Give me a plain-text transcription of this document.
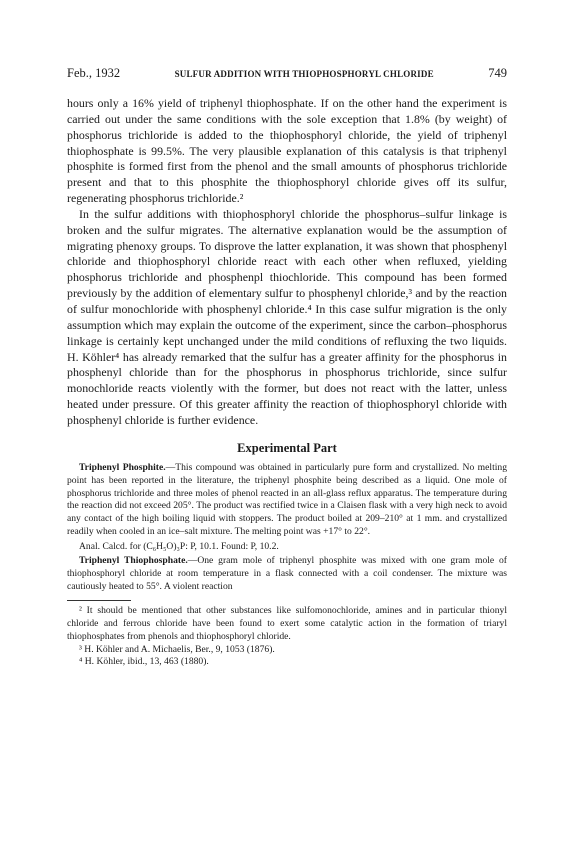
Feb., 1932	SULFUR ADDITION WITH THIOPHOSPHORYL CHLORIDE	749

hours only a 16% yield of triphenyl thiophosphate. If on the other hand the experiment is carried out under the same conditions with the sole exception that 1.8% (by weight) of phosphorus trichloride is added to the thiophosphoryl chloride, the yield of triphenyl thiophosphate is 99.5%. The very plausible explanation of this catalysis is that triphenyl phosphite is formed first from the phenol and the small amounts of phosphorus trichloride present and that to this phosphite the thiophosphoryl chloride gives off its sulfur, regenerating phosphorus trichloride.²

In the sulfur additions with thiophosphoryl chloride the phosphorus–sulfur linkage is broken and the sulfur migrates. The alternative explanation would be the assumption of migrating phenoxy groups. To disprove the latter explanation, it was shown that phosphenyl chloride and thiophosphoryl chloride react with each other when refluxed, yielding phosphorus trichloride and phosphenpl thiochloride. This compound has been formed previously by the addition of elementary sulfur to phosphenyl chloride,³ and by the reaction of sulfur monochloride with phosphenyl chloride.⁴ In this case sulfur migration is the only assumption which may explain the outcome of the experiment, since the carbon–phosphorus linkage is certainly kept unchanged under the mild conditions of refluxing the two liquids. H. Köhler⁴ has already remarked that the sulfur has a greater affinity for the phosphorus in phosphenyl chloride than for the phosphorus in phosphorus trichloride, since sulfur monochloride reacts violently with the former, but does not react with the latter, unless heated under pressure. Of this greater affinity the reaction of thiophosphoryl chloride with phosphenyl chloride is further evidence.

Experimental Part

Triphenyl Phosphite.—This compound was obtained in particularly pure form and crystallized. No melting point has been reported in the literature, the triphenyl phosphite being described as a liquid. One mole of phosphorus trichloride and three moles of phenol reacted in an all-glass reflux apparatus. The temperature during the reaction did not exceed 205°. The product was rectified twice in a Claisen flask with a very high neck to avoid any contact of the high boiling liquid with stoppers. The product boiled at 209–210° at 1 mm. and crystallized readily when cooled in an ice–salt mixture. The melting point was +17° to 22°.

Anal. Calcd. for (C₆H₅O)₃P: P, 10.1. Found: P, 10.2.

Triphenyl Thiophosphate.—One gram mole of triphenyl phosphite was mixed with one gram mole of thiophosphoryl chloride at room temperature in a flask connected with a coil condenser. The mixture was cautiously heated to 55°. A violent reaction

² It should be mentioned that other substances like sulfomonochloride, amines and in particular thionyl chloride and ferrous chloride have been found to exert some catalytic action in the formation of triaryl thiophosphates from phenols and thiophosphoryl chloride.

³ H. Köhler and A. Michaelis, Ber., 9, 1053 (1876).

⁴ H. Köhler, ibid., 13, 463 (1880).
